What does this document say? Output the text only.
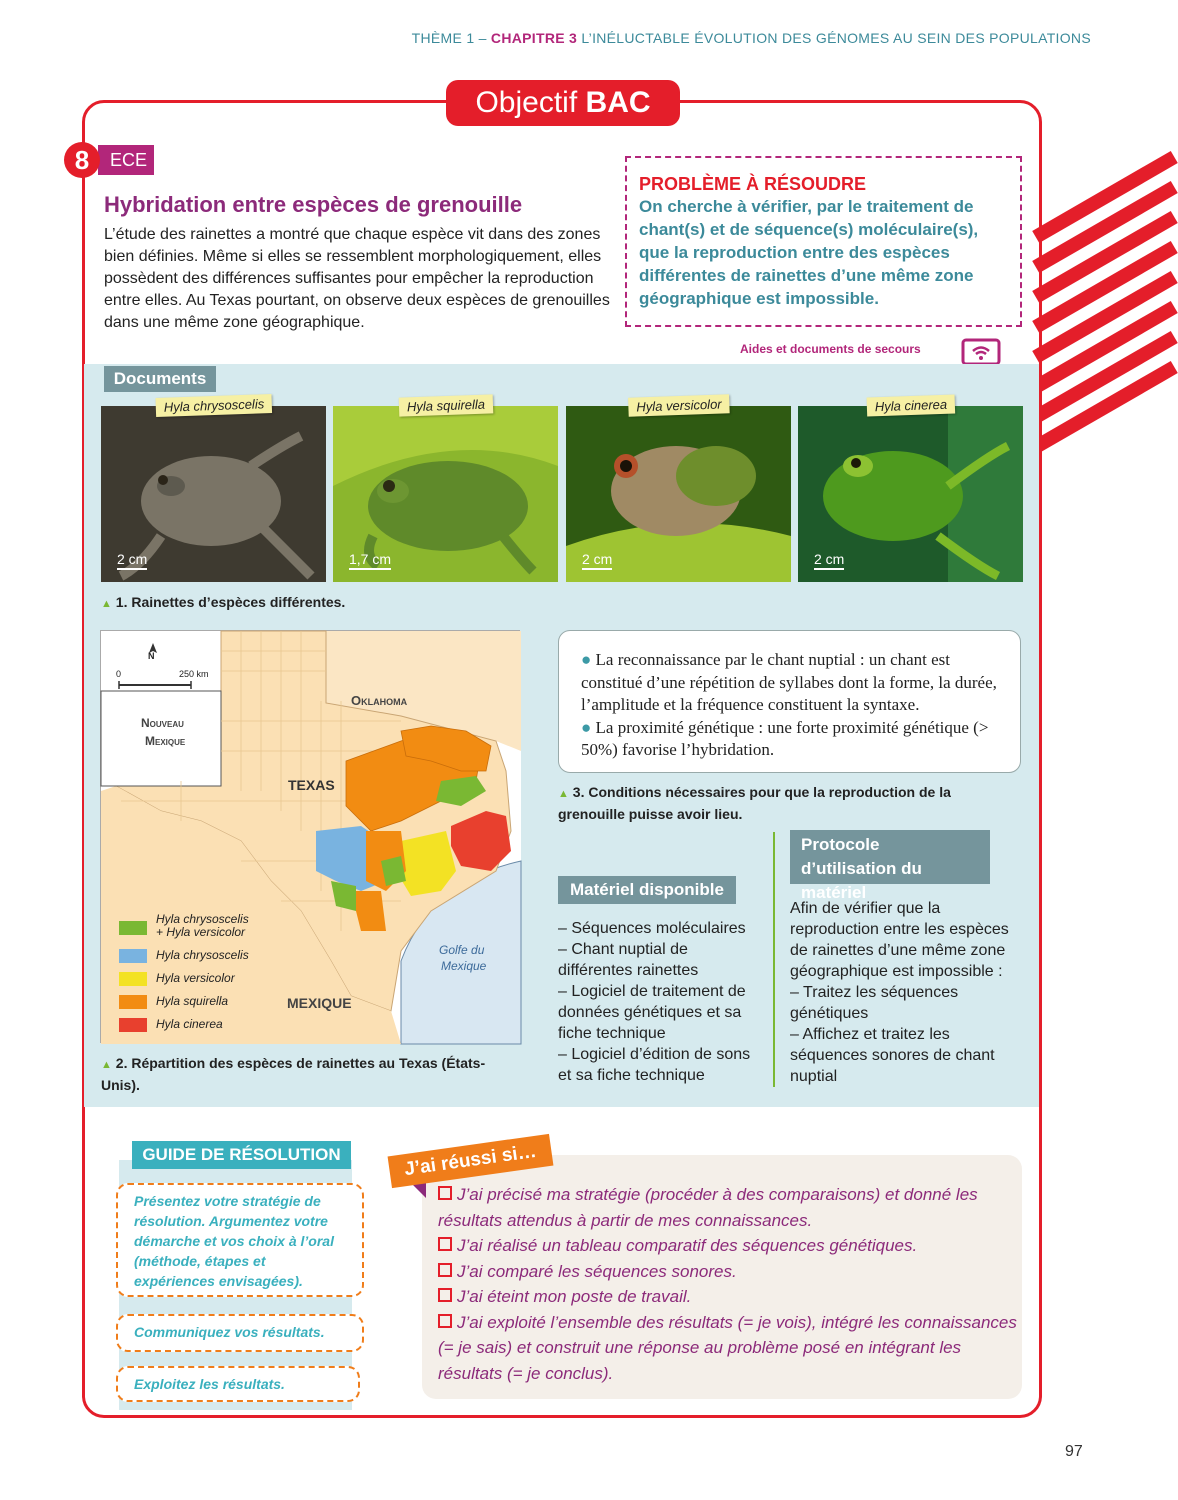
THÈME 1 – CHAPITRE 3 L’INÉLUCTABLE ÉVOLUTION DES GÉNOMES AU SEIN DES POPULATIONS
Objectif BAC
ECE
8
Hybridation entre espèces de grenouille
L’étude des rainettes a montré que chaque espèce vit dans des zones bien définies. Même si elles se ressemblent morphologiquement, elles possèdent des différences suffisantes pour empêcher la reproduction entre elles. Au Texas pourtant, on observe deux espèces de grenouilles dans une même zone géographique.
PROBLÈME À RÉSOUDRE
On cherche à vérifier, par le traitement de chant(s) et de séquence(s) moléculaire(s), que la reproduction entre des espèces différentes de rainettes d’une même zone géographique est impossible.
Aides et documents de secours
Documents
Hyla chrysoscelis
2 cm
Hyla squirella
1,7 cm
Hyla versicolor
2 cm
Hyla cinerea
2 cm
▲ 1. Rainettes d’espèces différentes.
N
0	250 km
Nouveau
Mexique
Oklahoma
TEXAS
MEXIQUE
Golfe du
Mexique
Hyla chrysoscelis
+ Hyla versicolor
Hyla chrysoscelis
Hyla versicolor
Hyla squirella
Hyla cinerea
▲ 2. Répartition des espèces de rainettes au Texas (États-Unis).
● La reconnaissance par le chant nuptial : un chant est constitué d’une répétition de syllabes dont la forme, la durée, l’amplitude et la fréquence constituent la syntaxe.
● La proximité génétique : une forte proximité génétique (> 50%) favorise l’hybridation.
▲ 3. Conditions nécessaires pour que la reproduction de la grenouille puisse avoir lieu.
Matériel disponible
– Séquences moléculaires
– Chant nuptial de différentes rainettes
– Logiciel de traitement de données génétiques et sa fiche technique
– Logiciel d’édition de sons et sa fiche technique
Protocole d’utilisation du matériel
Afin de vérifier que la reproduction entre les espèces de rainettes d’une même zone géographique est impossible :
– Traitez les séquences génétiques
– Affichez et traitez les séquences sonores de chant nuptial
GUIDE DE RÉSOLUTION
Présentez votre stratégie de résolution. Argumentez votre démarche et vos choix à l’oral (méthode, étapes et expériences envisagées).
Communiquez vos résultats.
Exploitez les résultats.
J’ai réussi si…
J’ai précisé ma stratégie (procéder à des comparaisons) et donné les résultats attendus à partir de mes connaissances.
J’ai réalisé un tableau comparatif des séquences génétiques.
J’ai comparé les séquences sonores.
J’ai éteint mon poste de travail.
J’ai exploité l’ensemble des résultats (= je vois), intégré les connaissances (= je sais) et construit une réponse au problème posé en intégrant les résultats (= je conclus).
97
